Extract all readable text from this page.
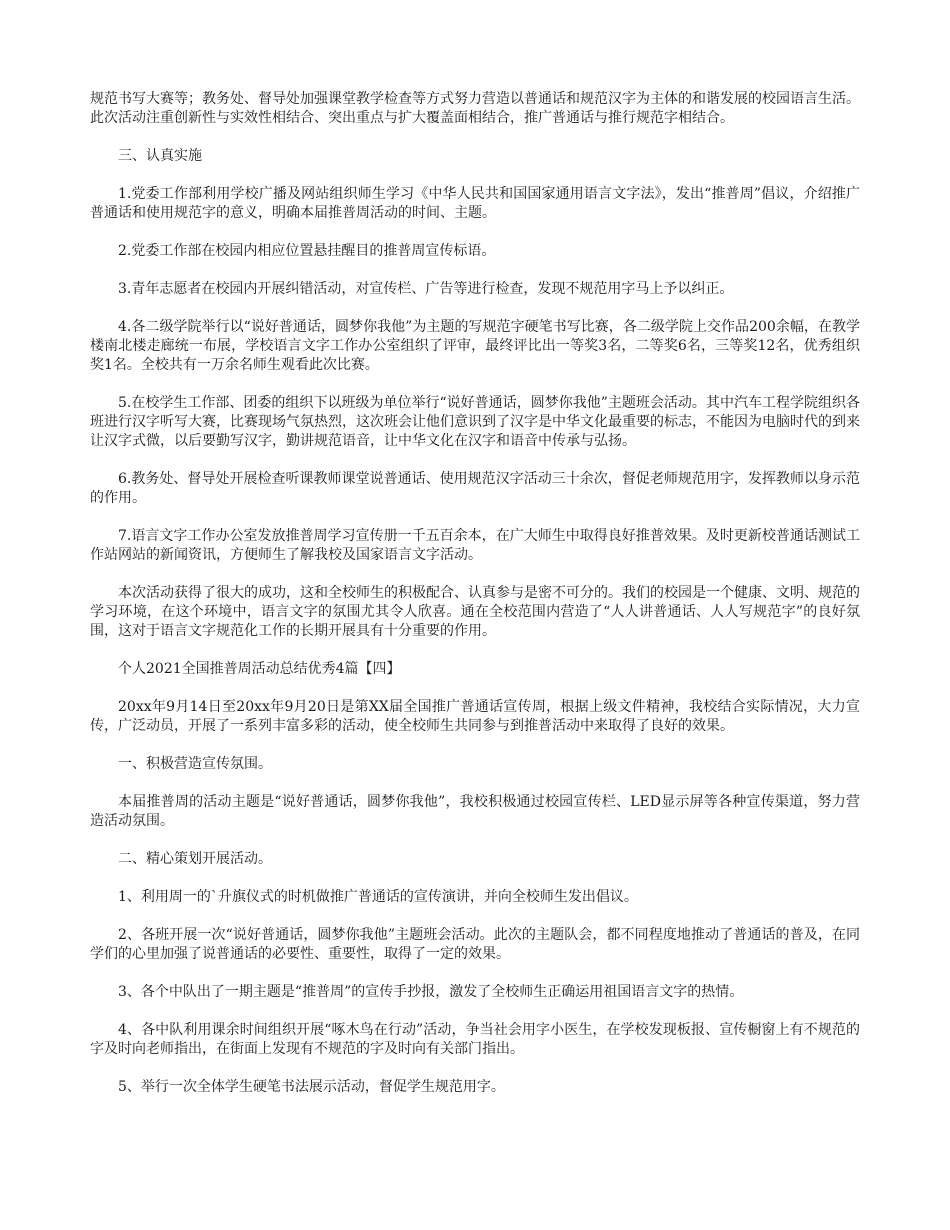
规范书写大赛等；教务处、督导处加强课堂教学检查等方式努力营造以普通话和规范汉字为主体的和谐发展的校园语言生活。此次活动注重创新性与实效性相结合、突出重点与扩大覆盖面相结合，推广普通话与推行规范字相结合。

三、认真实施

1.党委工作部利用学校广播及网站组织师生学习《中华人民共和国国家通用语言文字法》，发出“推普周”倡议，介绍推广普通话和使用规范字的意义，明确本届推普周活动的时间、主题。

2.党委工作部在校园内相应位置悬挂醒目的推普周宣传标语。

3.青年志愿者在校园内开展纠错活动，对宣传栏、广告等进行检查，发现不规范用字马上予以纠正。

4.各二级学院举行以“说好普通话，圆梦你我他”为主题的写规范字硬笔书写比赛，各二级学院上交作品200余幅，在教学楼南北楼走廊统一布展，学校语言文字工作办公室组织了评审，最终评比出一等奖3名，二等奖6名，三等奖12名，优秀组织奖1名。全校共有一万余名师生观看此次比赛。

5.在校学生工作部、团委的组织下以班级为单位举行“说好普通话，圆梦你我他”主题班会活动。其中汽车工程学院组织各班进行汉字听写大赛，比赛现场气氛热烈，这次班会让他们意识到了汉字是中华文化最重要的标志，不能因为电脑时代的到来让汉字式微，以后要勤写汉字，勤讲规范语音，让中华文化在汉字和语音中传承与弘扬。

6.教务处、督导处开展检查听课教师课堂说普通话、使用规范汉字活动三十余次，督促老师规范用字，发挥教师以身示范的作用。

7.语言文字工作办公室发放推普周学习宣传册一千五百余本，在广大师生中取得良好推普效果。及时更新校普通话测试工作站网站的新闻资讯，方便师生了解我校及国家语言文字活动。

本次活动获得了很大的成功，这和全校师生的积极配合、认真参与是密不可分的。我们的校园是一个健康、文明、规范的学习环境，在这个环境中，语言文字的氛围尤其令人欣喜。通在全校范围内营造了“人人讲普通话、人人写规范字”的良好氛围，这对于语言文字规范化工作的长期开展具有十分重要的作用。

个人2021全国推普周活动总结优秀4篇【四】

20xx年9月14日至20xx年9月20日是第XX届全国推广普通话宣传周，根据上级文件精神，我校结合实际情况，大力宣传，广泛动员，开展了一系列丰富多彩的活动，使全校师生共同参与到推普活动中来取得了良好的效果。

一、积极营造宣传氛围。

本届推普周的活动主题是“说好普通话，圆梦你我他”，我校积极通过校园宣传栏、LED显示屏等各种宣传渠道，努力营造活动氛围。

二、精心策划开展活动。

1、利用周一的`升旗仪式的时机做推广普通话的宣传演讲，并向全校师生发出倡议。

2、各班开展一次“说好普通话，圆梦你我他”主题班会活动。此次的主题队会，都不同程度地推动了普通话的普及，在同学们的心里加强了说普通话的必要性、重要性，取得了一定的效果。

3、各个中队出了一期主题是“推普周”的宣传手抄报，激发了全校师生正确运用祖国语言文字的热情。

4、各中队利用课余时间组织开展“啄木鸟在行动”活动，争当社会用字小医生，在学校发现板报、宣传橱窗上有不规范的字及时向老师指出，在街面上发现有不规范的字及时向有关部门指出。

5、举行一次全体学生硬笔书法展示活动，督促学生规范用字。
